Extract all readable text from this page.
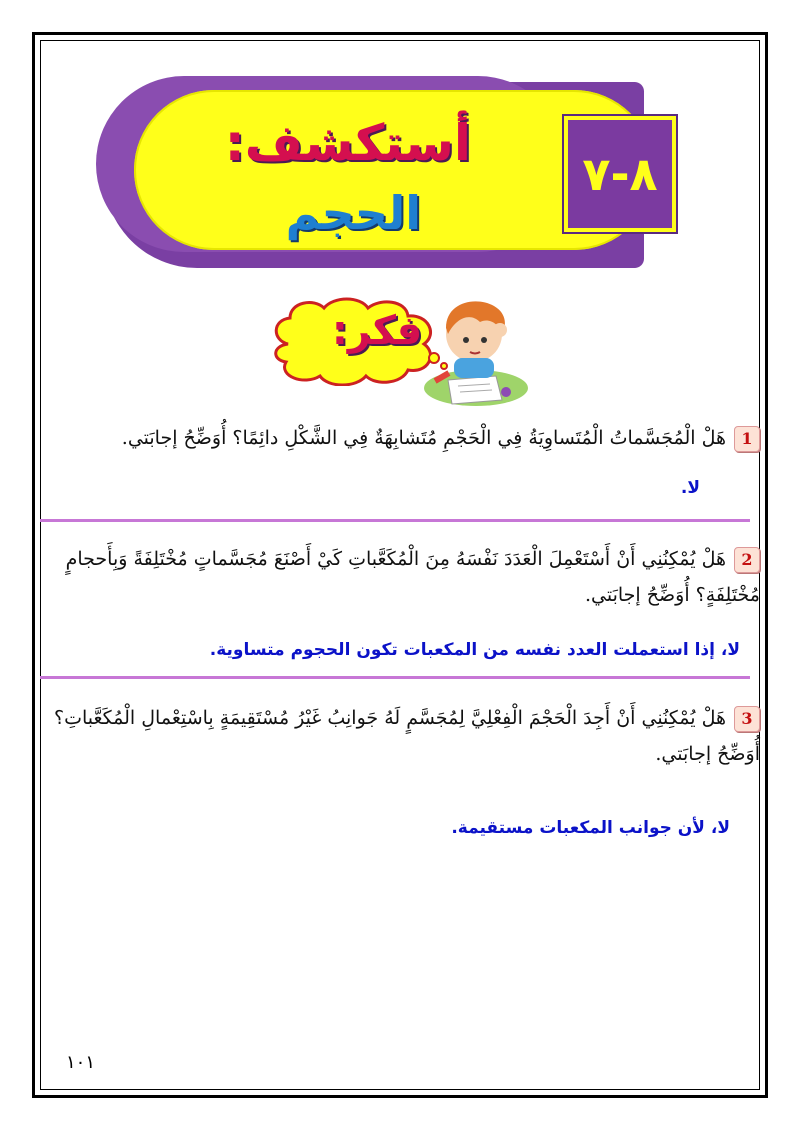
أستكشف:
الحجم
٨-٧
فكر:
1هَلْ الْمُجَسَّماتُ الْمُتَساوِيَةُ فِي الْحَجْمِ مُتَشابِهَةٌ فِي الشَّكْلِ دائِمًا؟ أُوَضِّحُ إجابَتي.
لا.
2هَلْ يُمْكِنُنِي أَنْ أَسْتَعْمِلَ الْعَدَدَ نَفْسَهُ مِنَ الْمُكَعَّباتِ كَيْ أَصْنَعَ مُجَسَّماتٍ مُخْتَلِفَةً وَبِأَحجامٍ مُخْتَلِفَةٍ؟ أُوَضِّحُ إجابَتي.
لا، إذا استعملت العدد نفسه من المكعبات تكون الحجوم متساوية.
3هَلْ يُمْكِنُنِي أَنْ أَجِدَ الْحَجْمَ الْفِعْلِيَّ لِمُجَسَّمٍ لَهُ جَوانِبُ غَيْرُ مُسْتَقِيمَةٍ بِاسْتِعْمالِ الْمُكَعَّباتِ؟أُوَضِّحُ إجابَتي.
لا، لأن جوانب المكعبات مستقيمة.
١٠١
